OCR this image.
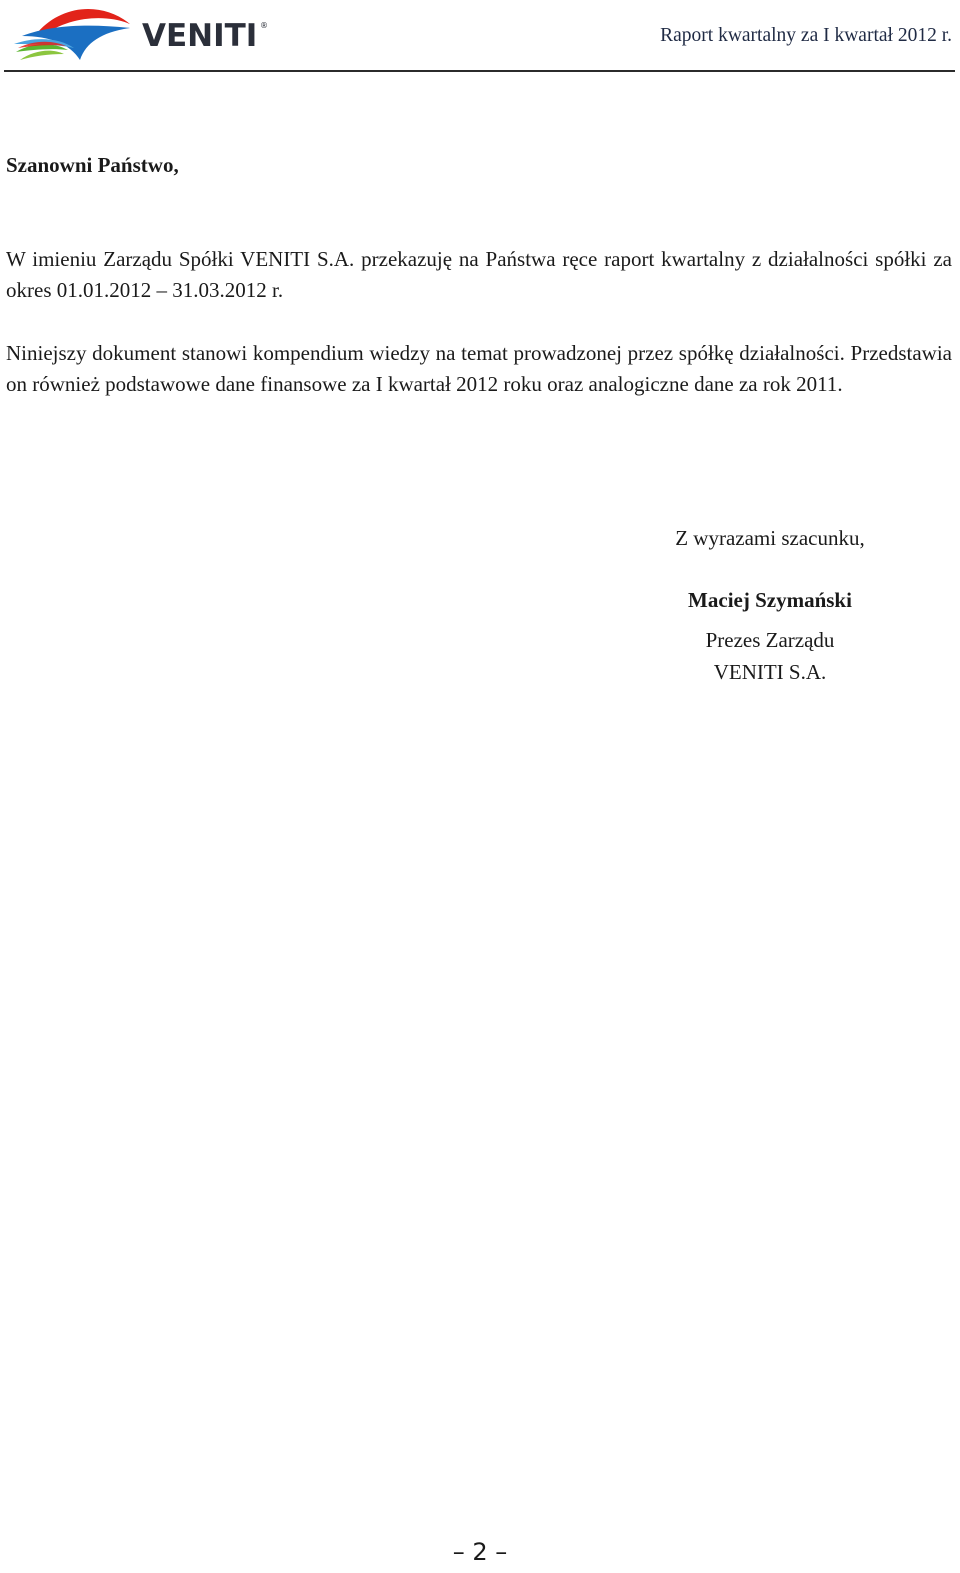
VENITI ®	Raport kwartalny za I kwartał 2012 r.

Szanowni Państwo,

W imieniu Zarządu Spółki VENITI S.A. przekazuję na Państwa ręce raport kwartalny z działalności spółki za okres 01.01.2012 – 31.03.2012 r.

Niniejszy dokument stanowi kompendium wiedzy na temat prowadzonej przez spółkę działalności. Przedstawia on również podstawowe dane finansowe za I kwartał 2012 roku oraz analogiczne dane za rok 2011.

Z wyrazami szacunku,

Maciej Szymański

Prezes Zarządu

VENITI S.A.

– 2 –
